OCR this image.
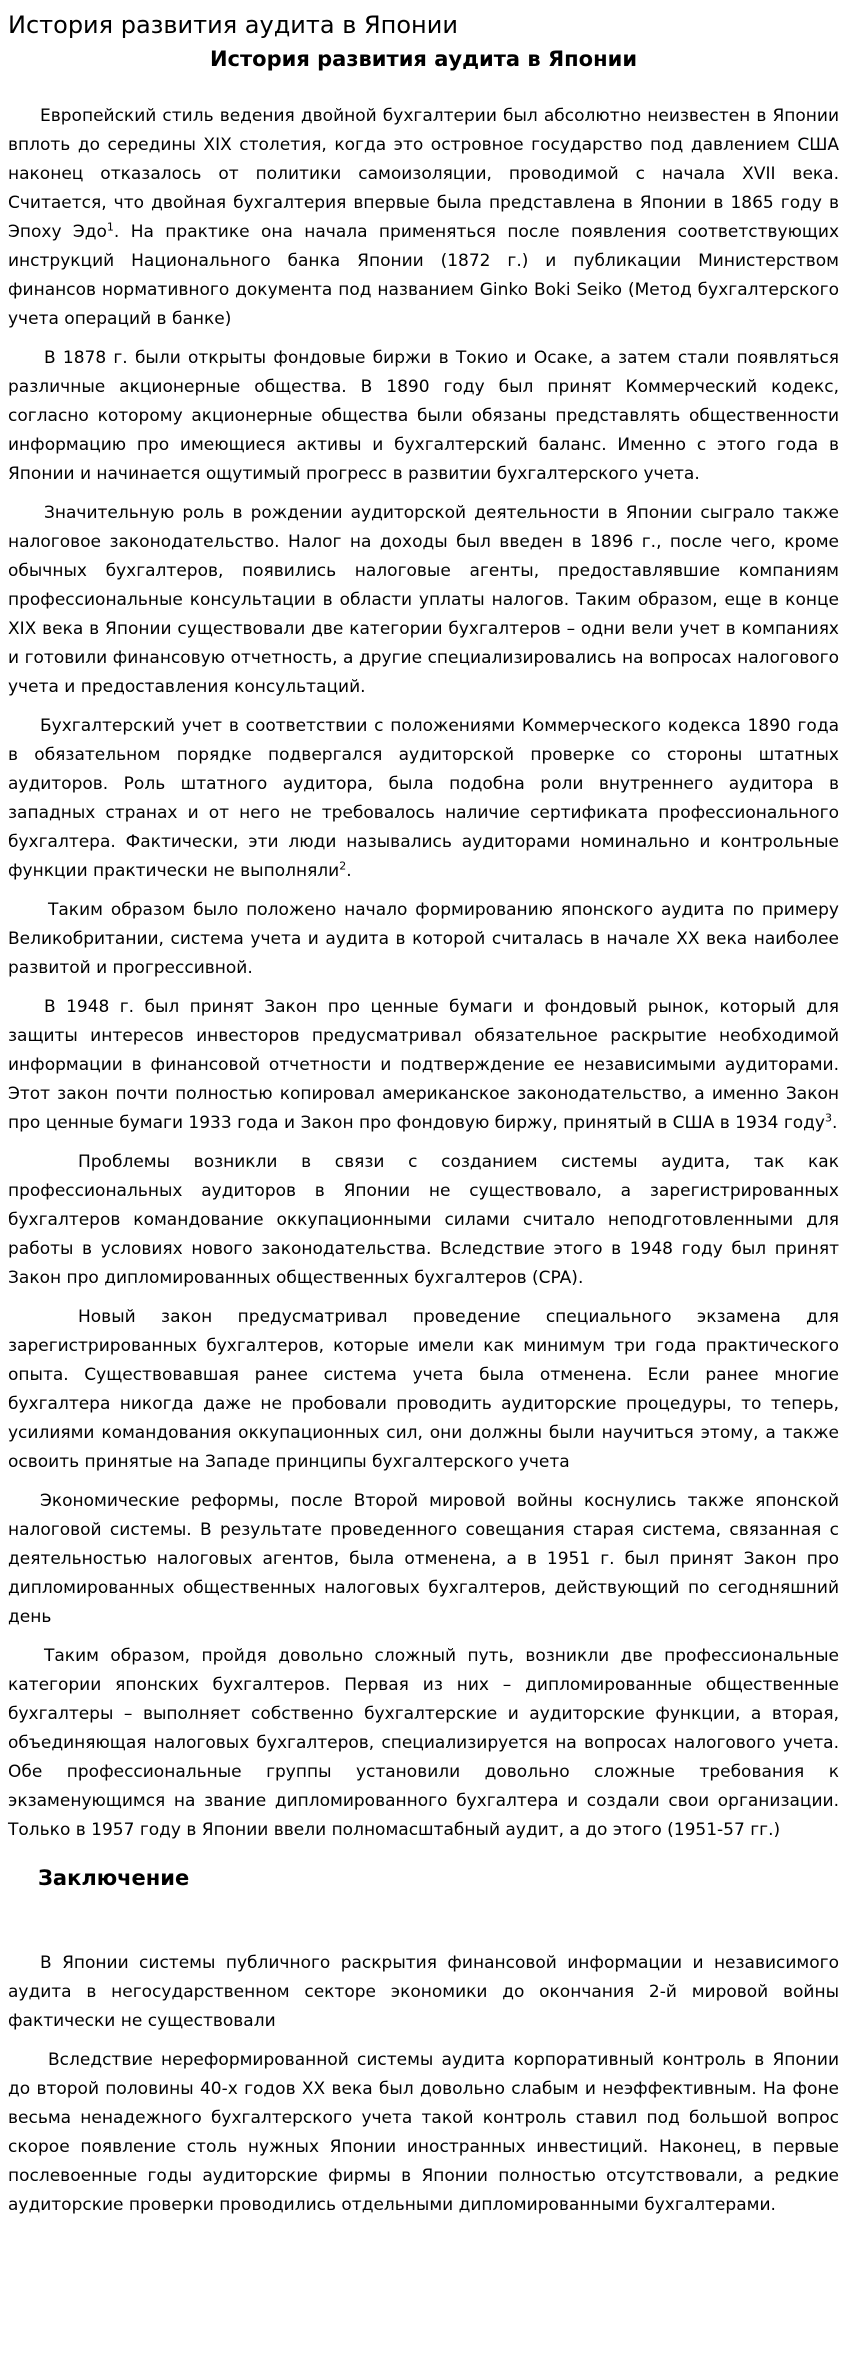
История развития аудита в Японии
История развития аудита в Японии

Европейский стиль ведения двойной бухгалтерии был абсолютно неизвестен в Японии вплоть до середины XIX столетия, когда это островное государство под давлением США наконец отказалось от политики самоизоляции, проводимой с начала XVII века. Считается, что двойная бухгалтерия впервые была представлена в Японии в 1865 году в Эпоху Эдо$^1$. На практике она начала применяться после появления соответствующих инструкций Национального банка Японии (1872 г.) и публикации Министерством финансов нормативного документа под названием Ginko Boki Seiko (Метод бухгалтерского учета операций в банке)

В 1878 г. были открыты фондовые биржи в Токио и Осаке, а затем стали появляться различные акционерные общества. В 1890 году был принят Коммерческий кодекс, согласно которому акционерные общества были обязаны представлять общественности информацию про имеющиеся активы и бухгалтерский баланс. Именно с этого года в Японии и начинается ощутимый прогресс в развитии бухгалтерского учета.

Значительную роль в рождении аудиторской деятельности в Японии сыграло также налоговое законодательство. Налог на доходы был введен в 1896 г., после чего, кроме обычных бухгалтеров, появились налоговые агенты, предоставлявшие компаниям профессиональные консультации в области уплаты налогов. Таким образом, еще в конце XIX века в Японии существовали две категории бухгалтеров – одни вели учет в компаниях и готовили финансовую отчетность, а другие специализировались на вопросах налогового учета и предоставления консультаций.

Бухгалтерский учет в соответствии с положениями Коммерческого кодекса 1890 года в обязательном порядке подвергался аудиторской проверке со стороны штатных аудиторов. Роль штатного аудитора, была подобна роли внутреннего аудитора в западных странах и от него не требовалось наличие сертификата профессионального бухгалтера. Фактически, эти люди назывались аудиторами номинально и контрольные функции практически не выполняли$^2$.

Таким образом было положено начало формированию японского аудита по примеру Великобритании, система учета и аудита в которой считалась в начале XX века наиболее развитой и прогрессивной.

В 1948 г. был принят Закон про ценные бумаги и фондовый рынок, который для защиты интересов инвесторов предусматривал обязательное раскрытие необходимой информации в финансовой отчетности и подтверждение ее независимыми аудиторами. Этот закон почти полностью копировал американское законодательство, а именно Закон про ценные бумаги 1933 года и Закон про фондовую биржу, принятый в США в 1934 году$^3$.

Проблемы возникли в связи с созданием системы аудита, так как профессиональных аудиторов в Японии не существовало, а зарегистрированных бухгалтеров командование оккупационными силами считало неподготовленными для работы в условиях нового законодательства. Вследствие этого в 1948 году был принят Закон про дипломированных общественных бухгалтеров (CPA).

Новый закон предусматривал проведение специального экзамена для зарегистрированных бухгалтеров, которые имели как минимум три года практического опыта. Существовавшая ранее система учета была отменена. Если ранее многие бухгалтера никогда даже не пробовали проводить аудиторские процедуры, то теперь, усилиями командования оккупационных сил, они должны были научиться этому, а также освоить принятые на Западе принципы бухгалтерского учета

Экономические реформы, после Второй мировой войны коснулись также японской налоговой системы. В результате проведенного совещания старая система, связанная с деятельностью налоговых агентов, была отменена, а в 1951 г. был принят Закон про дипломированных общественных налоговых бухгалтеров, действующий по сегодняшний день

Таким образом, пройдя довольно сложный путь, возникли две профессиональные категории японских бухгалтеров. Первая из них – дипломированные общественные бухгалтеры – выполняет собственно бухгалтерские и аудиторские функции, а вторая, объединяющая налоговых бухгалтеров, специализируется на вопросах налогового учета. Обе профессиональные группы установили довольно сложные требования к экзаменующимся на звание дипломированного бухгалтера и создали свои организации. Только в 1957 году в Японии ввели полномасштабный аудит, а до этого (1951-57 гг.)

Заключение

В Японии системы публичного раскрытия финансовой информации и независимого аудита в негосударственном секторе экономики до окончания 2-й мировой войны фактически не существовали

Вследствие нереформированной системы аудита корпоративный контроль в Японии до второй половины 40-х годов XX века был довольно слабым и неэффективным. На фоне весьма ненадежного бухгалтерского учета такой контроль ставил под большой вопрос скорое появление столь нужных Японии иностранных инвестиций. Наконец, в первые послевоенные годы аудиторские фирмы в Японии полностью отсутствовали, а редкие аудиторские проверки проводились отдельными дипломированными бухгалтерами.
